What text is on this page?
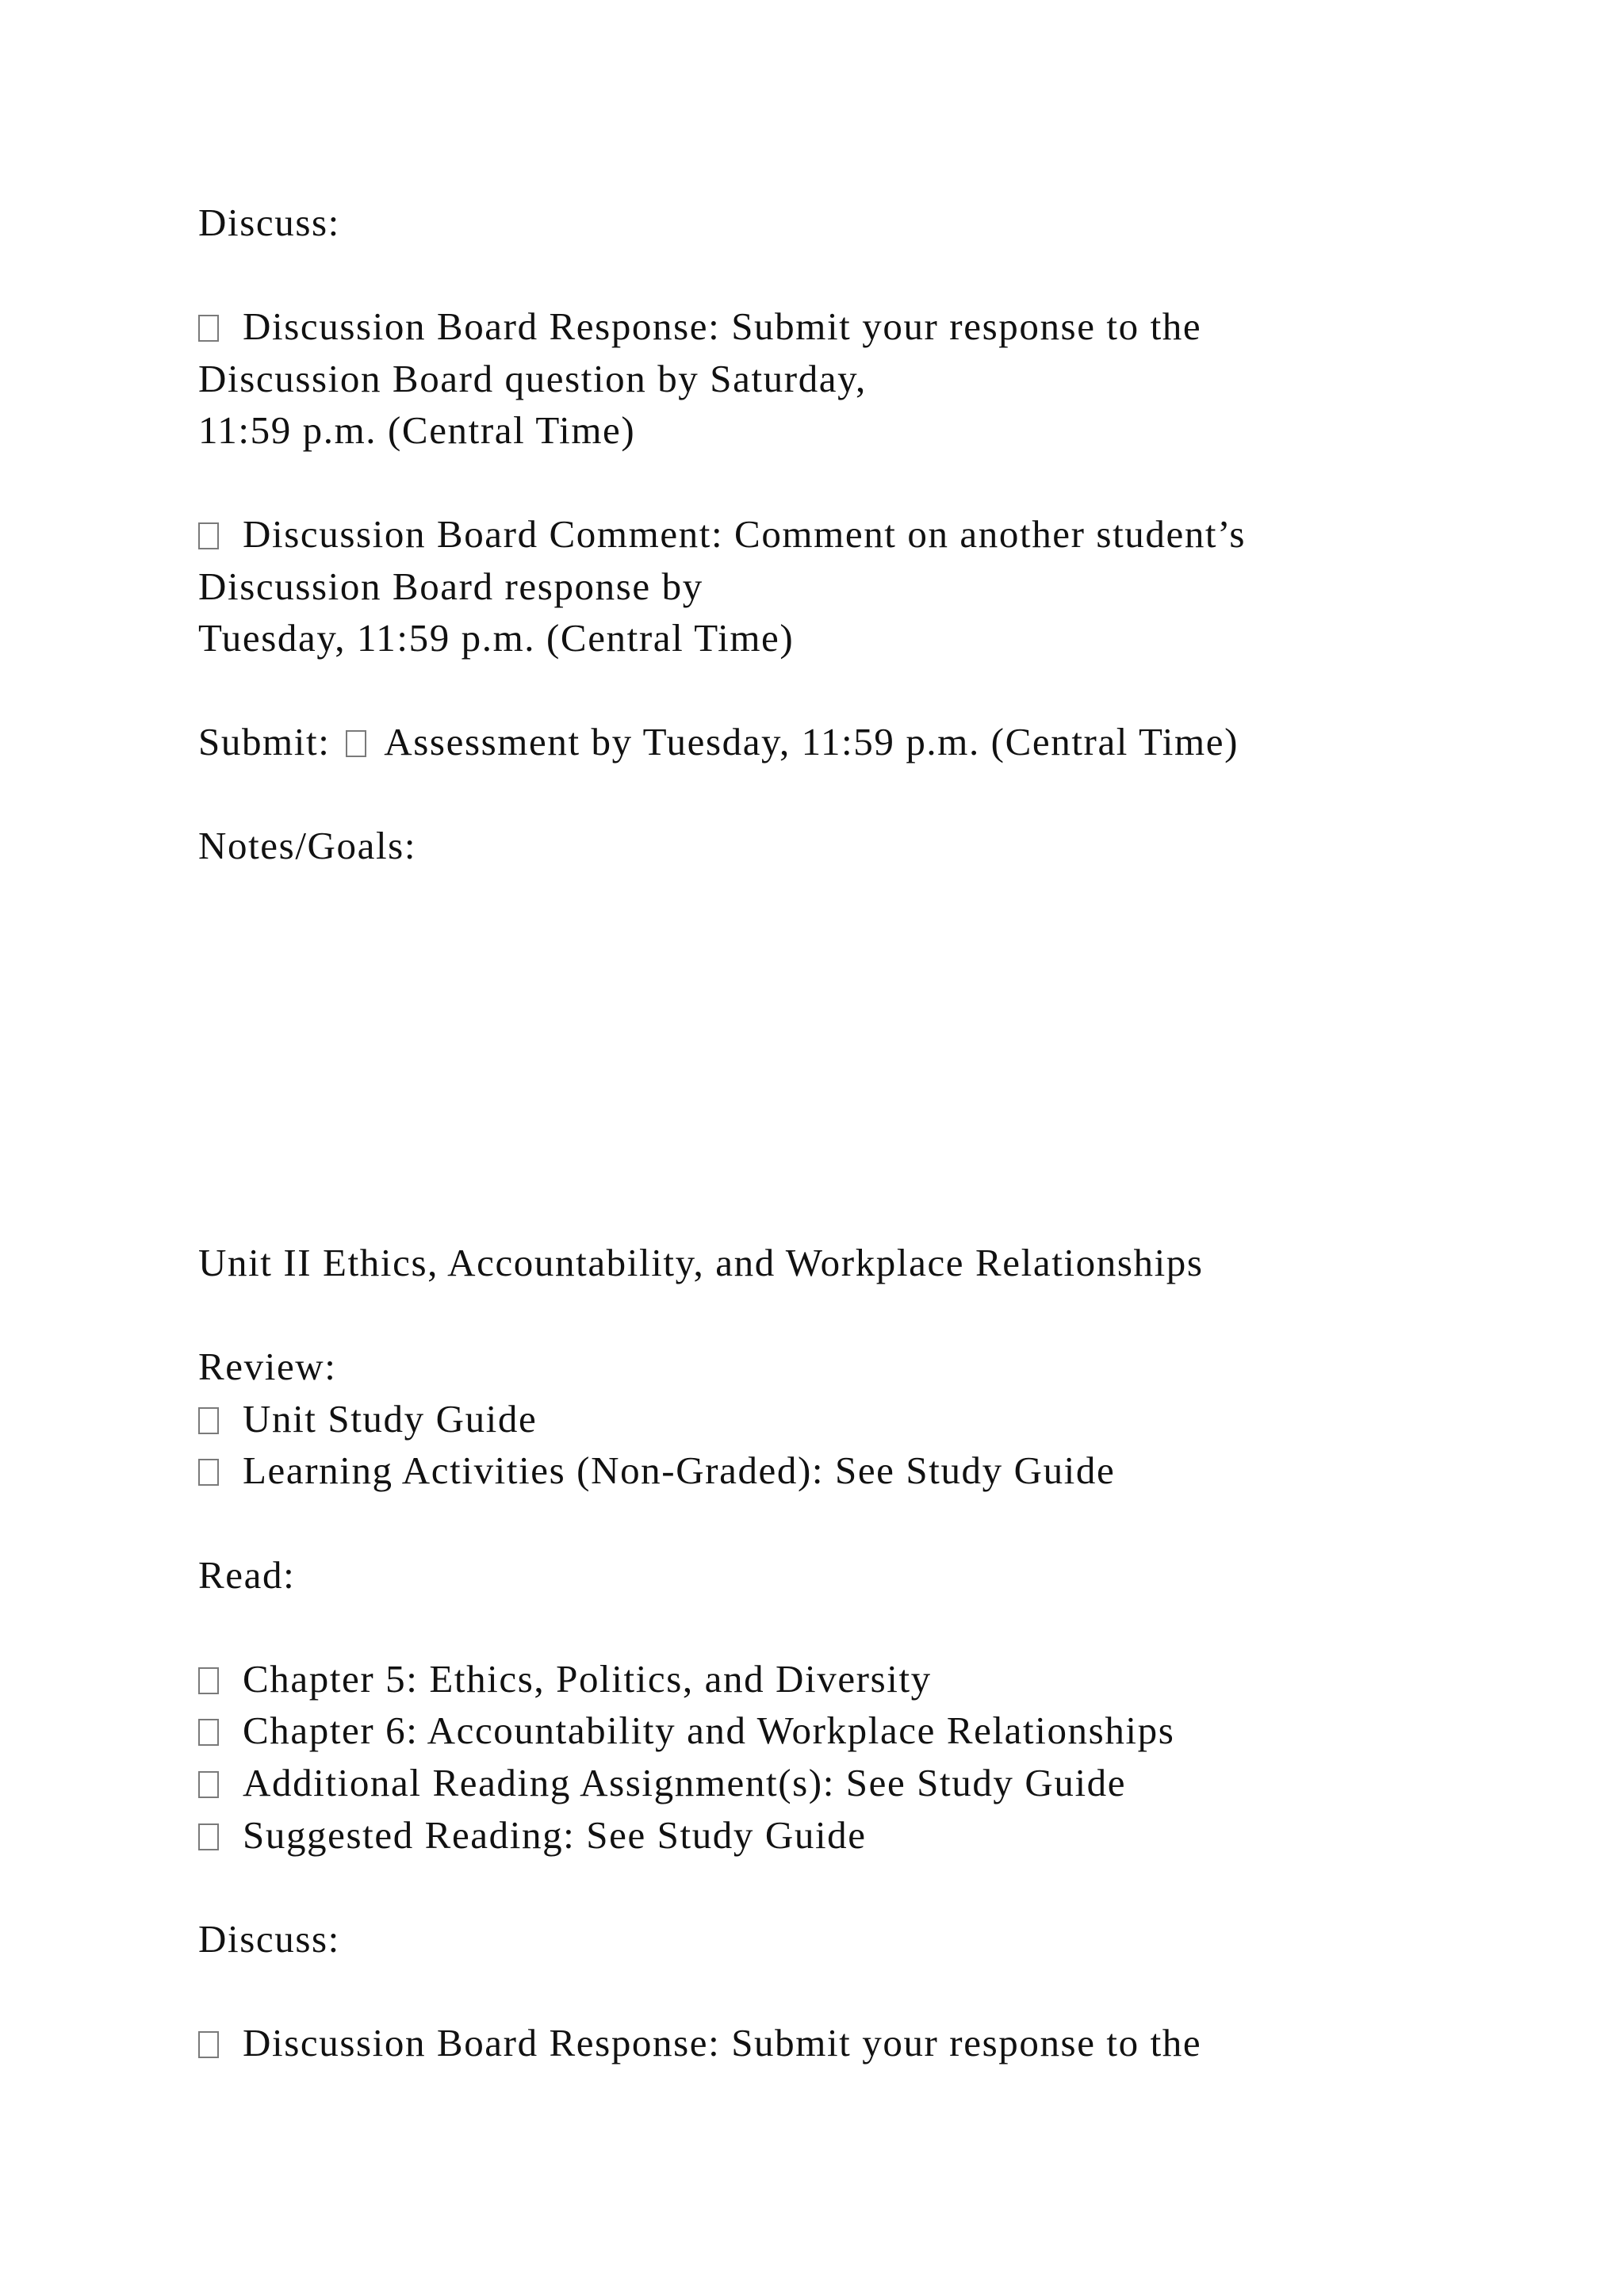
Discuss:
Discussion Board Response: Submit your response to the
Discussion Board question by Saturday,
11:59 p.m. (Central Time)
Discussion Board Comment: Comment on another student’s
Discussion Board response by
Tuesday, 11:59 p.m. (Central Time)
Submit: Assessment by Tuesday, 11:59 p.m. (Central Time)
Notes/Goals:
Unit II Ethics, Accountability, and Workplace Relationships
Review:
Unit Study Guide
Learning Activities (Non-Graded): See Study Guide
Read:
Chapter 5: Ethics, Politics, and Diversity
Chapter 6: Accountability and Workplace Relationships
Additional Reading Assignment(s): See Study Guide
Suggested Reading: See Study Guide
Discuss:
Discussion Board Response: Submit your response to the
